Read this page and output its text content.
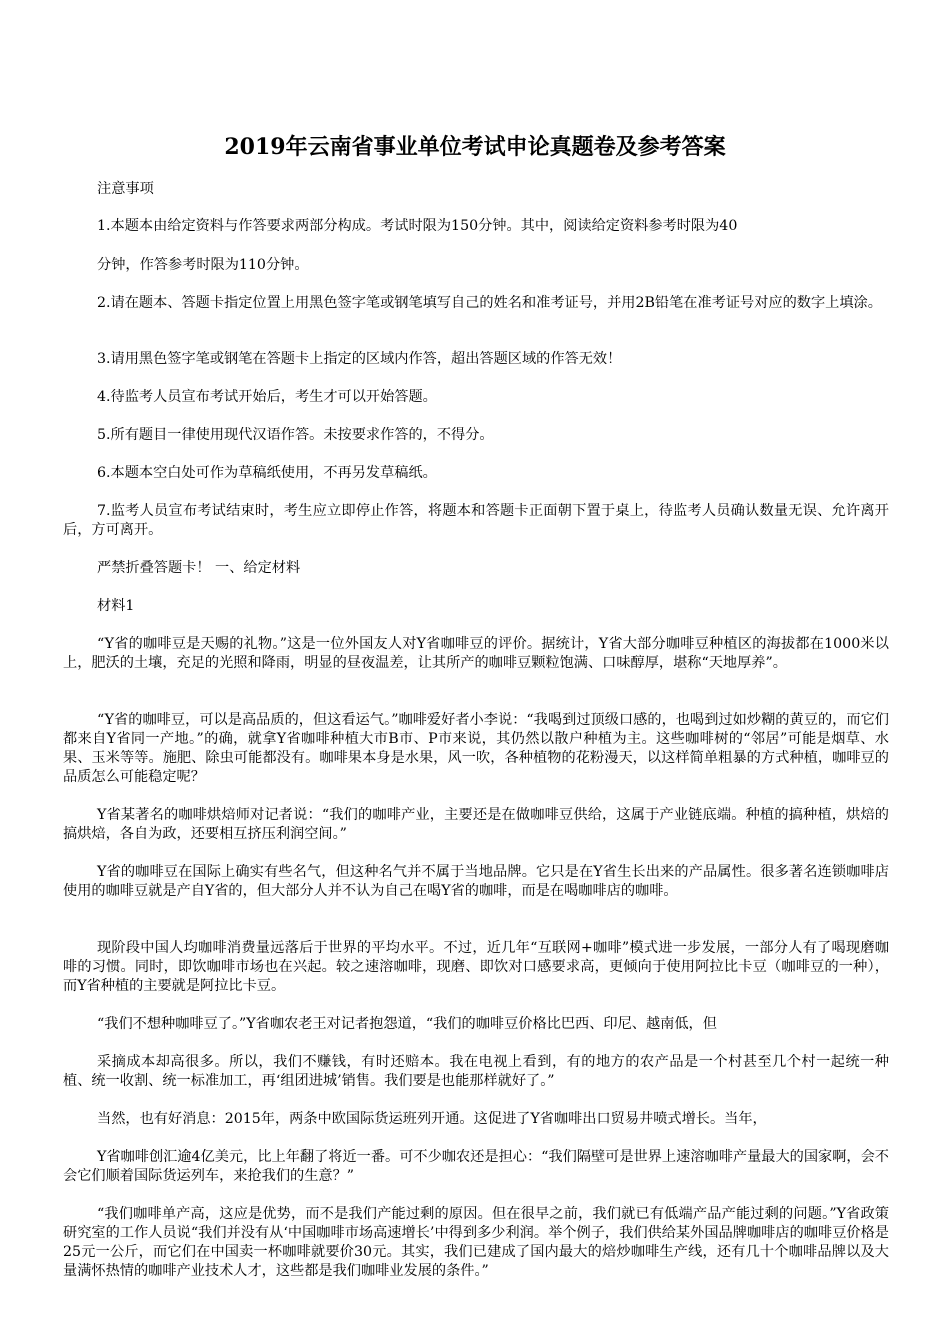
2019年云南省事业单位考试申论真题卷及参考答案

注意事项

1.本题本由给定资料与作答要求两部分构成。考试时限为150分钟。其中，阅读给定资料参考时限为40

分钟，作答参考时限为110分钟。

2.请在题本、答题卡指定位置上用黑色签字笔或钢笔填写自己的姓名和准考证号，并用2B铅笔在准考证号对应的数字上填涂。

3.请用黑色签字笔或钢笔在答题卡上指定的区域内作答，超出答题区域的作答无效！

4.待监考人员宣布考试开始后，考生才可以开始答题。

5.所有题目一律使用现代汉语作答。未按要求作答的，不得分。

6.本题本空白处可作为草稿纸使用，不再另发草稿纸。

7.监考人员宣布考试结束时，考生应立即停止作答，将题本和答题卡正面朝下置于桌上，待监考人员确认数量无误、允许离开后，方可离开。

严禁折叠答题卡！ 一、给定材料

材料1

“Y省的咖啡豆是天赐的礼物。”这是一位外国友人对Y省咖啡豆的评价。据统计，Y省大部分咖啡豆种植区的海拔都在1000米以上，肥沃的土壤，充足的光照和降雨，明显的昼夜温差，让其所产的咖啡豆颗粒饱满、口味醇厚，堪称“天地厚养”。

“Y省的咖啡豆，可以是高品质的，但这看运气。”咖啡爱好者小李说：“我喝到过顶级口感的，也喝到过如炒糊的黄豆的，而它们都来自Y省同一产地。”的确，就拿Y省咖啡种植大市B市、P市来说，其仍然以散户种植为主。这些咖啡树的“邻居”可能是烟草、水果、玉米等等。施肥、除虫可能都没有。咖啡果本身是水果，风一吹，各种植物的花粉漫天，以这样简单粗暴的方式种植，咖啡豆的品质怎么可能稳定呢？

Y省某著名的咖啡烘焙师对记者说：“我们的咖啡产业，主要还是在做咖啡豆供给，这属于产业链底端。种植的搞种植，烘焙的搞烘焙，各自为政，还要相互挤压利润空间。”

Y省的咖啡豆在国际上确实有些名气，但这种名气并不属于当地品牌。它只是在Y省生长出来的产品属性。很多著名连锁咖啡店使用的咖啡豆就是产自Y省的，但大部分人并不认为自己在喝Y省的咖啡，而是在喝咖啡店的咖啡。

现阶段中国人均咖啡消费量远落后于世界的平均水平。不过，近几年“互联网+咖啡”模式进一步发展，一部分人有了喝现磨咖啡的习惯。同时，即饮咖啡市场也在兴起。较之速溶咖啡，现磨、即饮对口感要求高，更倾向于使用阿拉比卡豆（咖啡豆的一种），而Y省种植的主要就是阿拉比卡豆。

“我们不想种咖啡豆了。”Y省咖农老王对记者抱怨道，“我们的咖啡豆价格比巴西、印尼、越南低，但

采摘成本却高很多。所以，我们不赚钱，有时还赔本。我在电视上看到，有的地方的农产品是一个村甚至几个村一起统一种植、统一收割、统一标准加工，再‘组团进城’销售。我们要是也能那样就好了。”

当然，也有好消息：2015年，两条中欧国际货运班列开通。这促进了Y省咖啡出口贸易井喷式增长。当年，

Y省咖啡创汇逾4亿美元，比上年翻了将近一番。可不少咖农还是担心：“我们隔壁可是世界上速溶咖啡产量最大的国家啊，会不会它们顺着国际货运列车，来抢我们的生意？”

“我们咖啡单产高，这应是优势，而不是我们产能过剩的原因。但在很早之前，我们就已有低端产品产能过剩的问题。”Y省政策研究室的工作人员说“我们并没有从‘中国咖啡市场高速增长’中得到多少利润。举个例子，我们供给某外国品牌咖啡店的咖啡豆价格是25元一公斤，而它们在中国卖一杯咖啡就要价30元。其实，我们已建成了国内最大的焙炒咖啡生产线，还有几十个咖啡品牌以及大量满怀热情的咖啡产业技术人才，这些都是我们咖啡业发展的条件。”
